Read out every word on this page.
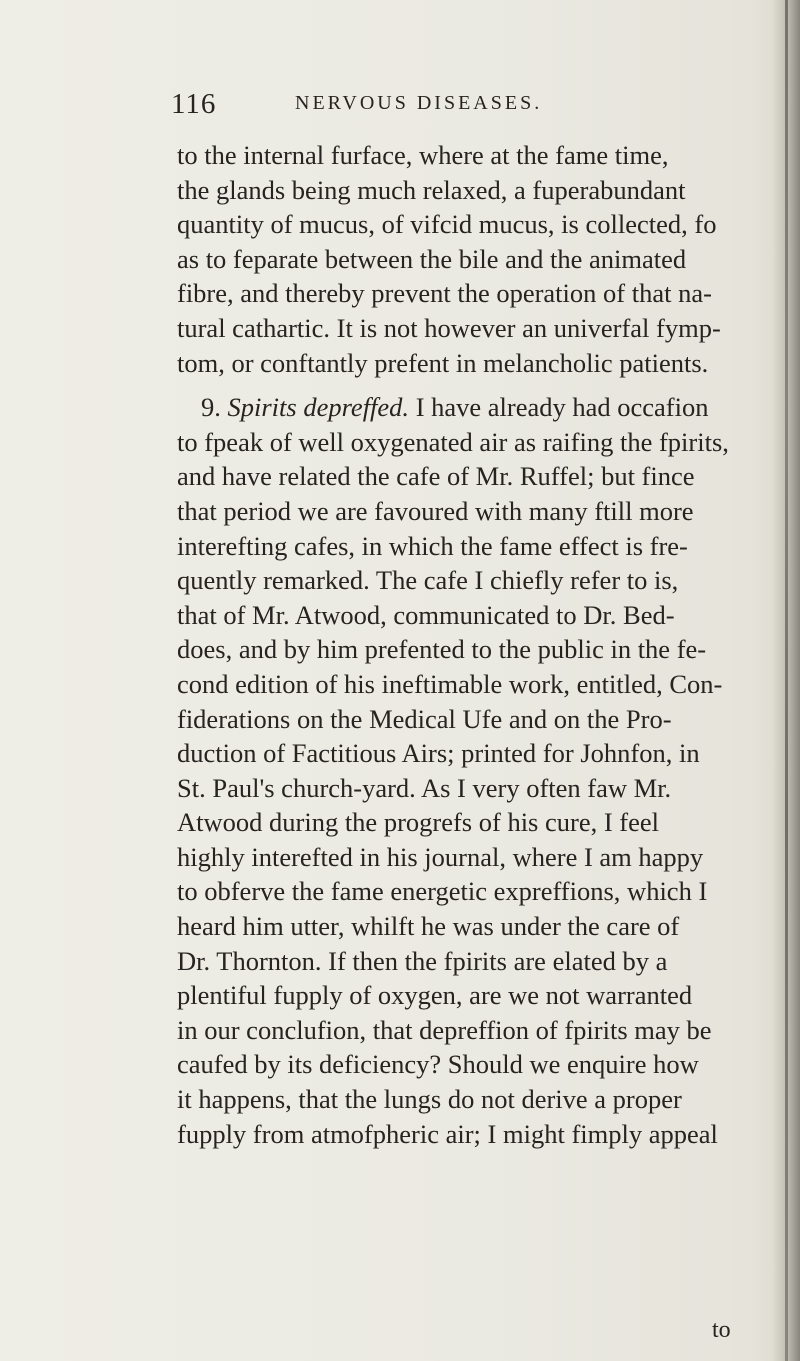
116	NERVOUS DISEASES.
to the internal furface, where at the fame time,
the glands being much relaxed, a fuperabundant
quantity of mucus, of vifcid mucus, is collected, fo
as to feparate between the bile and the animated
fibre, and thereby prevent the operation of that na-
tural cathartic. It is not however an univerfal fymp-
tom, or conftantly prefent in melancholic patients.
9. Spirits depreffed. I have already had occafion
to fpeak of well oxygenated air as raifing the fpirits,
and have related the cafe of Mr. Ruffel; but fince
that period we are favoured with many ftill more
interefting cafes, in which the fame effect is fre-
quently remarked. The cafe I chiefly refer to is,
that of Mr. Atwood, communicated to Dr. Bed-
does, and by him prefented to the public in the fe-
cond edition of his ineftimable work, entitled, Con-
fiderations on the Medical Ufe and on the Pro-
duction of Factitious Airs; printed for Johnfon, in
St. Paul's church-yard. As I very often faw Mr.
Atwood during the progrefs of his cure, I feel
highly interefted in his journal, where I am happy
to obferve the fame energetic expreffions, which I
heard him utter, whilft he was under the care of
Dr. Thornton. If then the fpirits are elated by a
plentiful fupply of oxygen, are we not warranted
in our conclufion, that depreffion of fpirits may be
caufed by its deficiency? Should we enquire how
it happens, that the lungs do not derive a proper
fupply from atmofpheric air; I might fimply appeal
to
